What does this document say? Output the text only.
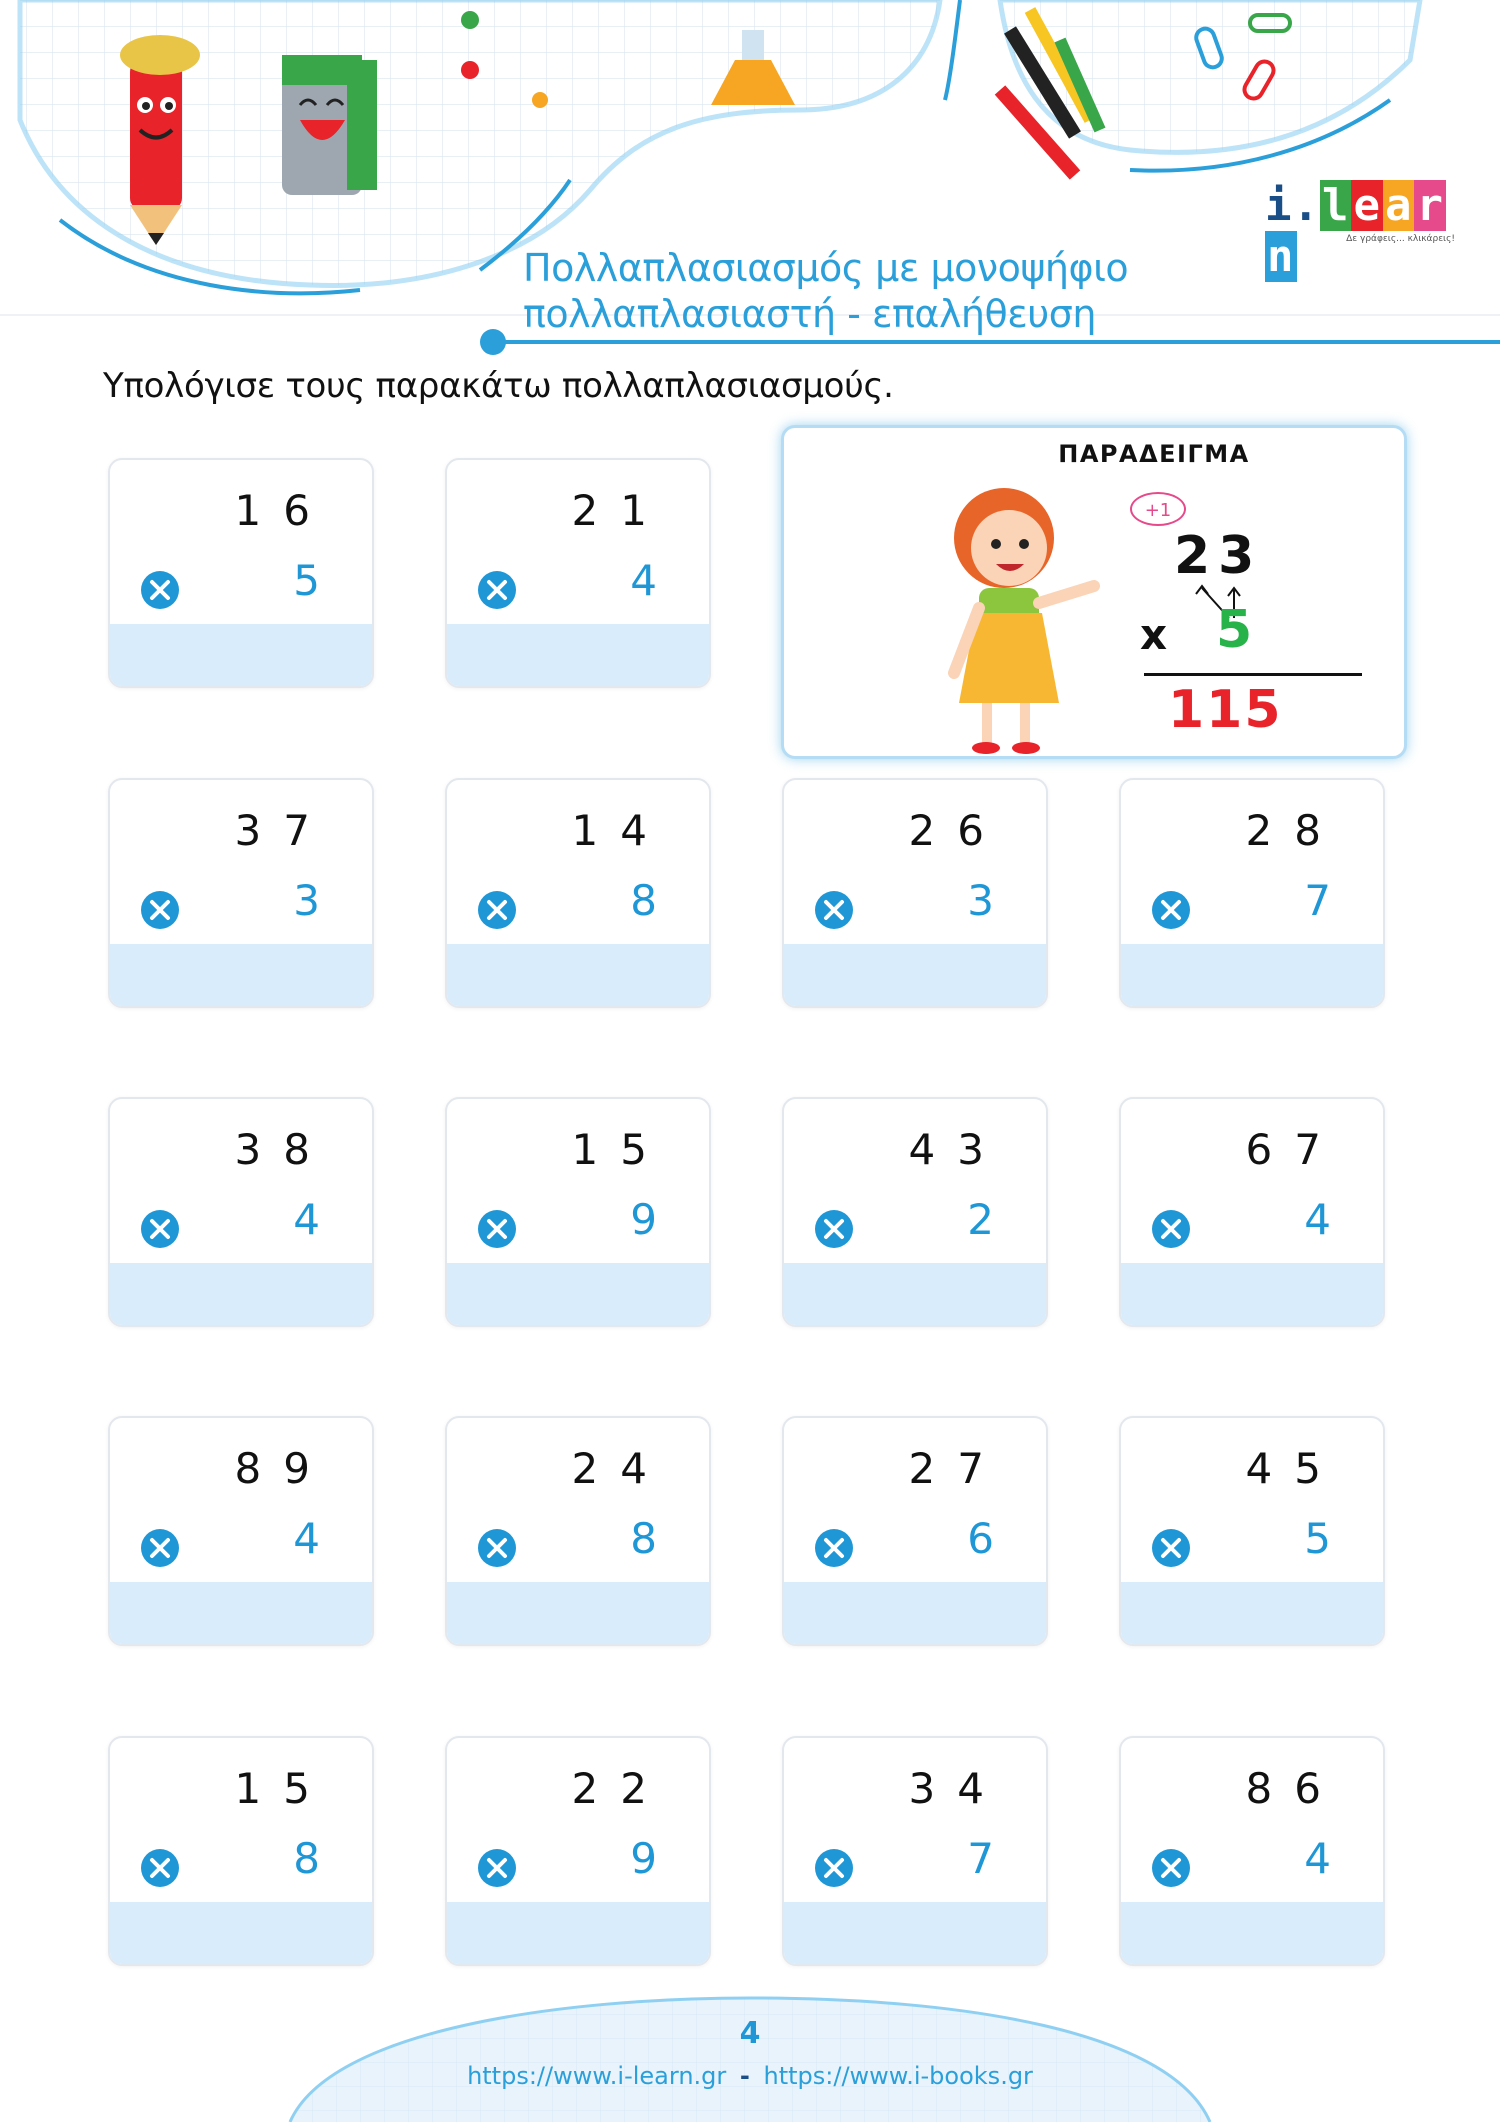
i.learn	Δε γράφεις... κλικάρεις!
Πολλαπλασιασμός με μονοψήφιο
πολλαπλασιαστή - επαλήθευση
Υπολόγισε τους παρακάτω πολλαπλασιασμούς.
ΠΑΡΑΔΕΙΓΜΑ
+1
23
x 5
115
16
5
21
4
37
3
14
8
26
3
28
7
38
4
15
9
43
2
67
4
89
4
24
8
27
6
45
5
15
8
22
9
34
7
86
4
4
https://www.i-learn.gr - https://www.i-books.gr
